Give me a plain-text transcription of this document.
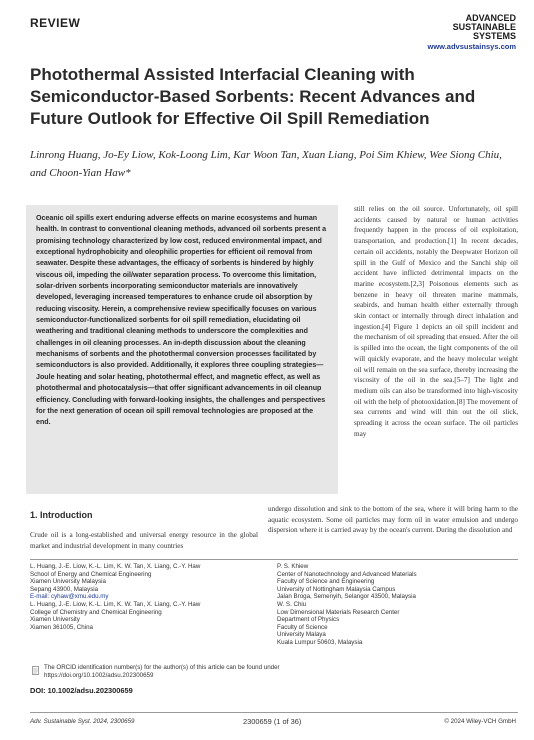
REVIEW	ADVANCED
SUSTAINABLE
SYSTEMS
www.advsustainsys.com
Photothermal Assisted Interfacial Cleaning with Semiconductor-Based Sorbents: Recent Advances and Future Outlook for Effective Oil Spill Remediation
Linrong Huang, Jo-Ey Liow, Kok-Loong Lim, Kar Woon Tan, Xuan Liang, Poi Sim Khiew, Wee Siong Chiu, and Choon-Yian Haw*
Oceanic oil spills exert enduring adverse effects on marine ecosystems and human health. In contrast to conventional cleaning methods, advanced oil sorbents present a promising technology characterized by low cost, reduced environmental impact, and exceptional hydrophobicity and oleophilic properties for efficient oil removal from seawater. Despite these advantages, the efficacy of sorbents is hindered by highly viscous oil, impeding the oil/water separation process. To overcome this limitation, solar-driven sorbents incorporating semiconductor materials are innovatively developed, leveraging increased temperatures to enhance crude oil absorption by reducing viscosity. Herein, a comprehensive review specifically focuses on various semiconductor-functionalized sorbents for oil spill remediation, elucidating oil weathering and traditional cleaning methods to underscore the complexities and challenges in oil cleaning processes. An in-depth discussion about the cleaning mechanisms of sorbents and the photothermal conversion processes facilitated by semiconductors is also provided. Additionally, it explores three coupling strategies—Joule heating and solar heating, photothermal effect, and magnetic effect, as well as photothermal and photocatalysis—that offer significant advancements in oil cleanup efficiency. Concluding with forward-looking insights, the challenges and perspectives for the next generation of ocean oil spill removal technologies are proposed at the end.
still relies on the oil source. Unfortunately, oil spill accidents caused by natural or human activities frequently happen in the process of oil exploitation, transportation, and production.[1] In recent decades, certain oil accidents, notably the Deepwater Horizon oil spill in the Gulf of Mexico and the Sanchi ship oil accident have inflicted detrimental impacts on the marine ecosystem.[2,3] Poisonous elements such as benzene in heavy oil threaten marine mammals, seabirds, and human health either externally through skin contact or internally through direct inhalation and ingestion.[4] Figure 1 depicts an oil spill incident and the mechanism of oil spreading that ensued. After the oil is spilled into the ocean, the light components of the oil will quickly evaporate, and the heavy molecular weight oil will remain on the sea surface, thereby increasing the viscosity of the oil in the sea.[5–7] The light and medium oils can also be transformed into high-viscosity oil with the help of photooxidation.[8] The movement of sea currents and wind will thin out the oil slick, spreading it across the ocean surface. The oil particles may
undergo dissolution and sink to the bottom of the sea, where it will bring harm to the aquatic ecosystem. Some oil particles may form oil in water emulsion and undergo dispersion where it is carried away by the ocean's current. During the dissolution and
1. Introduction
Crude oil is a long-established and universal energy resource in the global market and industrial development in many countries
L. Huang, J.-E. Liow, K.-L. Lim, K. W. Tan, X. Liang, C.-Y. Haw
School of Energy and Chemical Engineering
Xiamen University Malaysia
Sepang 43900, Malaysia
E-mail: cyhaw@xmu.edu.my
L. Huang, J.-E. Liow, K.-L. Lim, K. W. Tan, X. Liang, C.-Y. Haw
College of Chemistry and Chemical Engineering
Xiamen University
Xiamen 361005, China
P. S. Khiew
Center of Nanotechnology and Advanced Materials
Faculty of Science and Engineering
University of Nottingham Malaysia Campus
Jalan Broga, Semenyih, Selangor 43500, Malaysia
W. S. Chiu
Low Dimensional Materials Research Center
Department of Physics
Faculty of Science
University Malaya
Kuala Lumpur 50603, Malaysia
The ORCID identification number(s) for the author(s) of this article can be found under https://doi.org/10.1002/adsu.202300659
DOI: 10.1002/adsu.202300659
Adv. Sustainable Syst. 2024, 2300659	2300659 (1 of 36)	© 2024 Wiley-VCH GmbH
